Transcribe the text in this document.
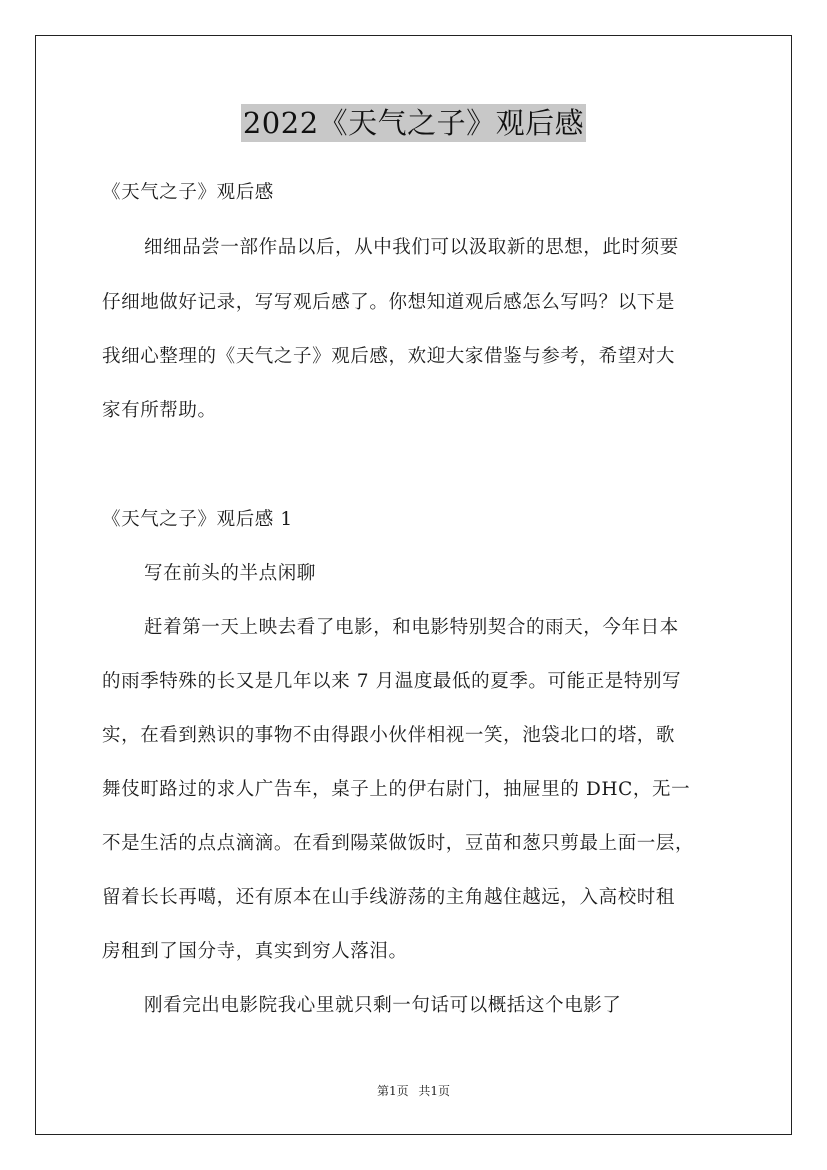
2022《天气之子》观后感
《天气之子》观后感
细细品尝一部作品以后，从中我们可以汲取新的思想，此时须要
仔细地做好记录，写写观后感了。你想知道观后感怎么写吗？以下是
我细心整理的《天气之子》观后感，欢迎大家借鉴与参考，希望对大
家有所帮助。
《天气之子》观后感 1
写在前头的半点闲聊
赶着第一天上映去看了电影，和电影特别契合的雨天，今年日本
的雨季特殊的长又是几年以来 7 月温度最低的夏季。可能正是特别写
实，在看到熟识的事物不由得跟小伙伴相视一笑，池袋北口的塔，歌
舞伎町路过的求人广告车，桌子上的伊右尉门，抽屉里的 DHC，无一
不是生活的点点滴滴。在看到陽菜做饭时，豆苗和葱只剪最上面一层，
留着长长再噶，还有原本在山手线游荡的主角越住越远，入高校时租
房租到了国分寺，真实到穷人落泪。
刚看完出电影院我心里就只剩一句话可以概括这个电影了
第1页 共1页
